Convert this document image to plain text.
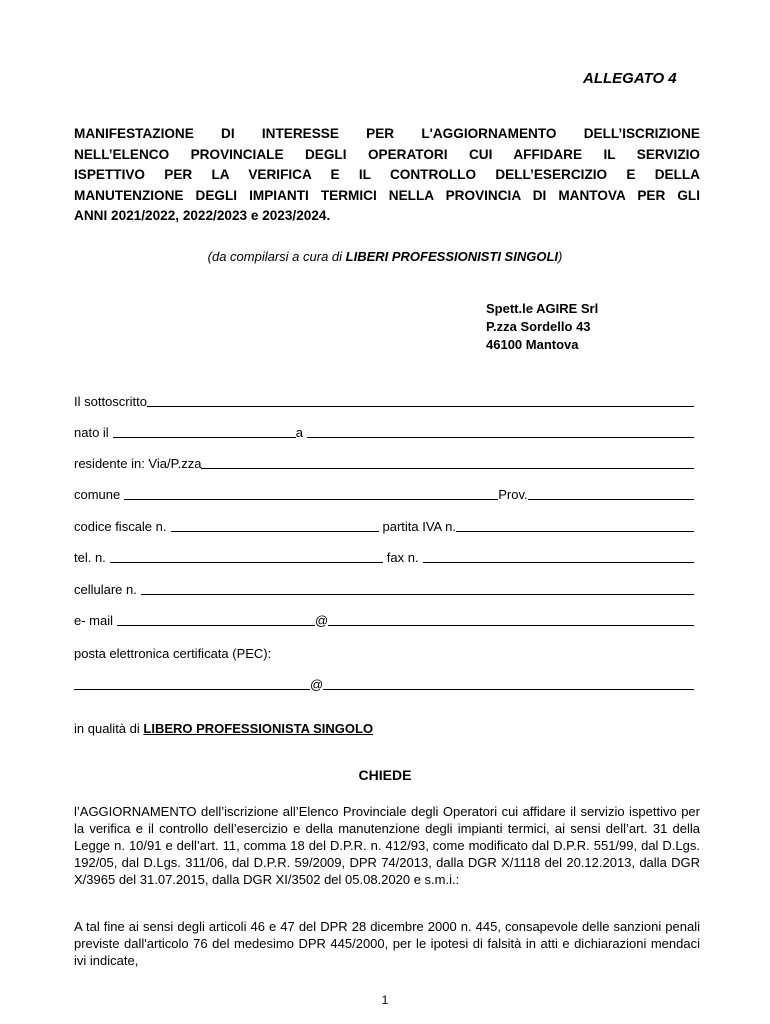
ALLEGATO 4
MANIFESTAZIONE DI INTERESSE PER L'AGGIORNAMENTO DELL’ISCRIZIONE
NELL’ELENCO PROVINCIALE DEGLI OPERATORI CUI AFFIDARE IL SERVIZIO
ISPETTIVO PER LA VERIFICA E IL CONTROLLO DELL’ESERCIZIO E DELLA
MANUTENZIONE DEGLI IMPIANTI TERMICI NELLA PROVINCIA DI MANTOVA PER GLI
ANNI 2021/2022, 2022/2023 e 2023/2024.
(da compilarsi a cura di LIBERI PROFESSIONISTI SINGOLI)
Spett.le AGIRE Srl
P.zza Sordello 43
46100 Mantova
Il sottoscritto
nato il	a
residente in: Via/P.zza
comune	Prov.
codice fiscale n.	partita IVA n.
tel. n.	fax n.
cellulare n.
e- mail	@
posta elettronica certificata (PEC):
@
in qualità di LIBERO PROFESSIONISTA SINGOLO
CHIEDE
l’AGGIORNAMENTO dell’iscrizione all’Elenco Provinciale degli Operatori cui affidare il servizio ispettivo per la verifica e il controllo dell’esercizio e della manutenzione degli impianti termici, ai sensi dell’art. 31 della Legge n. 10/91 e dell’art. 11, comma 18 del D.P.R. n. 412/93, come modificato dal D.P.R. 551/99, dal D.Lgs. 192/05, dal D.Lgs. 311/06, dal D.P.R. 59/2009, DPR 74/2013, dalla DGR X/1118 del 20.12.2013, dalla DGR X/3965 del 31.07.2015, dalla DGR XI/3502 del 05.08.2020 e s.m.i.:
A tal fine ai sensi degli articoli 46 e 47 del DPR 28 dicembre 2000 n. 445, consapevole delle sanzioni penali previste dall'articolo 76 del medesimo DPR 445/2000, per le ipotesi di falsità in atti e dichiarazioni mendaci ivi indicate,
1
